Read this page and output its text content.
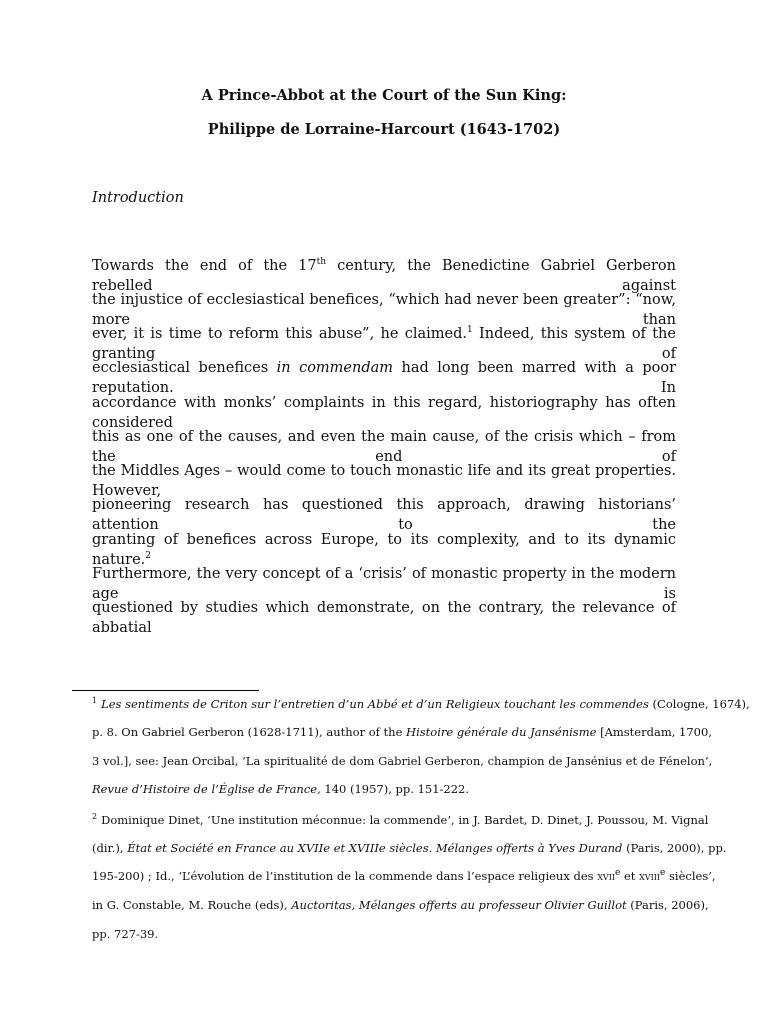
A Prince-Abbot at the Court of the Sun King:
Philippe de Lorraine-Harcourt (1643-1702)
Introduction
Towards the end of the 17th century, the Benedictine Gabriel Gerberon rebelled against
the injustice of ecclesiastical benefices, “which had never been greater”: “now, more than
ever, it is time to reform this abuse”, he claimed.$^1$ Indeed, this system of the granting of
ecclesiastical benefices in commendam had long been marred with a poor reputation. In
accordance with monks’ complaints in this regard, historiography has often considered
this as one of the causes, and even the main cause, of the crisis which – from the end of
the Middles Ages – would come to touch monastic life and its great properties. However,
pioneering research has questioned this approach, drawing historians’ attention to the
granting of benefices across Europe, to its complexity, and to its dynamic nature.$^2$
Furthermore, the very concept of a ‘crisis’ of monastic property in the modern age is
questioned by studies which demonstrate, on the contrary, the relevance of abbatial
$^1$ Les sentiments de Criton sur l’entretien d’un Abbé et d’un Religieux touchant les commendes (Cologne, 1674),
p. 8. On Gabriel Gerberon (1628-1711), author of the Histoire générale du Jansénisme [Amsterdam, 1700,
3 vol.], see: Jean Orcibal, ‘La spiritualité de dom Gabriel Gerberon, champion de Jansénius et de Fénelon’,
Revue d’Histoire de l’Église de France, 140 (1957), pp. 151-222.
$^2$ Dominique Dinet, ‘Une institution méconnue: la commende’, in J. Bardet, D. Dinet, J. Poussou, M. Vignal
(dir.), État et Société en France au XVIIe et XVIIIe siècles. Mélanges offerts à Yves Durand (Paris, 2000), pp.
195-200) ; Id., ‘L’évolution de l’institution de la commende dans l’espace religieux des XVIIe et XVIIIe siècles’,
in G. Constable, M. Rouche (eds), Auctoritas, Mélanges offerts au professeur Olivier Guillot (Paris, 2006),
pp. 727-39.
